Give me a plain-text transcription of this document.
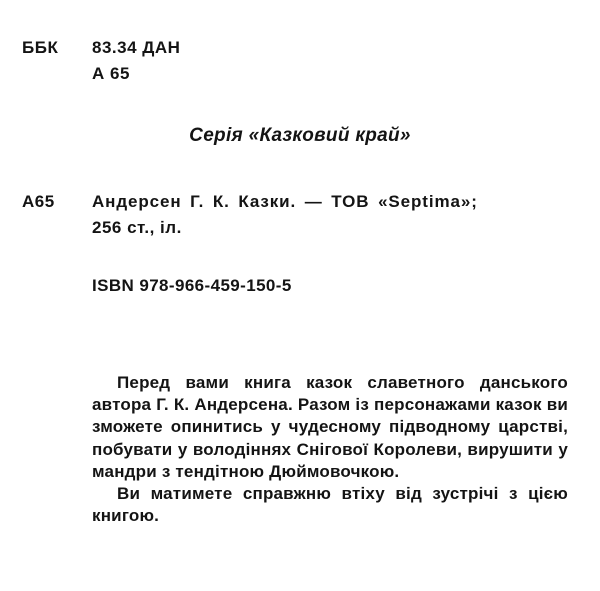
ББК 83.34 ДАН
А 65
Серія «Казковий край»
А65 Андерсен Г. К. Казки. — ТОВ «Septima»;
256 ст., іл.
ISBN 978-966-459-150-5

Перед вами книга казок славетного данського автора Г. К. Андерсена. Разом із персонажами казок ви зможете опинитись у чудесному підводному царстві, побувати у володіннях Снігової Королеви, вирушити у мандри з тендітною Дюймовочкою.

Ви матимете справжню втіху від зустрічі з цією книгою.
